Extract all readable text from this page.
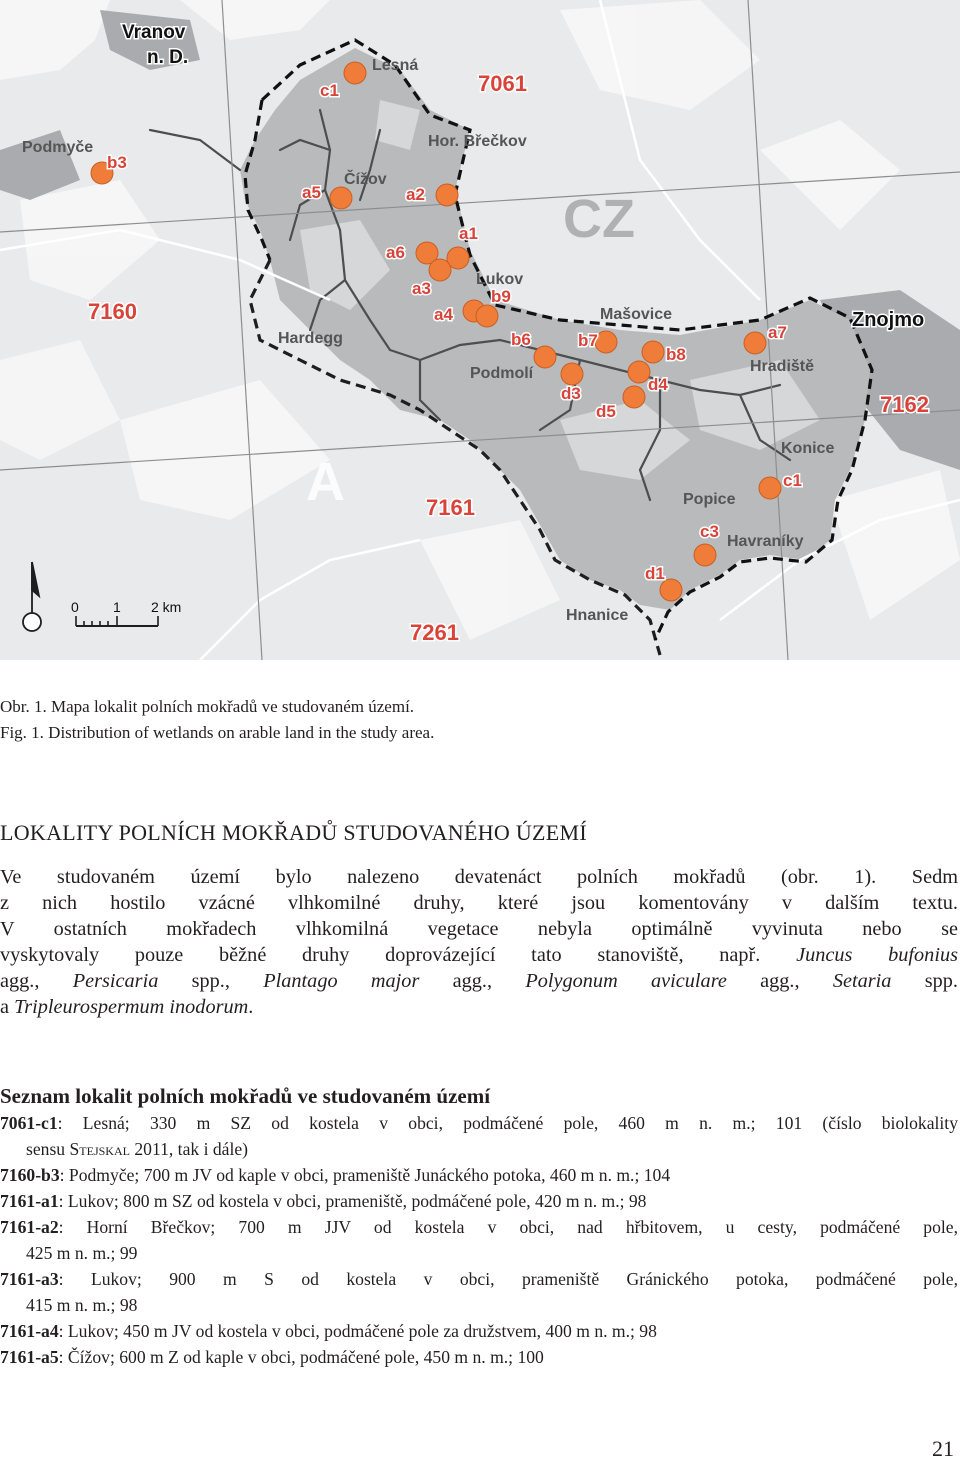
Vranov
n. D.	Lesná
Podmyče	Hor. Břečkov
Čížov
Lukov
Hardegg
Mašovice
Podmolí
Znojmo
Hradiště
Konice
Popice
Havraníky
Hnanice
CZ
A
7061
7160
7162
7161
7261
c1
b3
a5	a2
a1
a6
a3
a4
b9
b6	b7
b8
d3	d4
d5
a7
c1
c3
d1
0 1 2 km
Obr. 1. Mapa lokalit polních mokřadů ve studovaném území.
Fig. 1. Distribution of wetlands on arable land in the study area.
LOKALITY POLNÍCH MOKŘADŮ STUDOVANÉHO ÚZEMÍ
Ve studovaném území bylo nalezeno devatenáct polních mokřadů (obr. 1). Sedm
z nich hostilo vzácné vlhkomilné druhy, které jsou komentovány v dalším textu.
V ostatních mokřadech vlhkomilná vegetace nebyla optimálně vyvinuta nebo se
vyskytovaly pouze běžné druhy doprovázející tato stanoviště, např. Juncus bufonius
agg., Persicaria spp., Plantago major agg., Polygonum aviculare agg., Setaria spp.
a Tripleurospermum inodorum.
Seznam lokalit polních mokřadů ve studovaném území
7061-c1: Lesná; 330 m SZ od kostela v obci, podmáčené pole, 460 m n. m.; 101 (číslo biolokality
sensu Stejskal 2011, tak i dále)
7160-b3: Podmyče; 700 m JV od kaple v obci, prameniště Junáckého potoka, 460 m n. m.; 104
7161-a1: Lukov; 800 m SZ od kostela v obci, prameniště, podmáčené pole, 420 m n. m.; 98
7161-a2: Horní Břečkov; 700 m JJV od kostela v obci, nad hřbitovem, u cesty, podmáčené pole,
425 m n. m.; 99
7161-a3: Lukov; 900 m S od kostela v obci, prameniště Gránického potoka, podmáčené pole,
415 m n. m.; 98
7161-a4: Lukov; 450 m JV od kostela v obci, podmáčené pole za družstvem, 400 m n. m.; 98
7161-a5: Čížov; 600 m Z od kaple v obci, podmáčené pole, 450 m n. m.; 100
21
